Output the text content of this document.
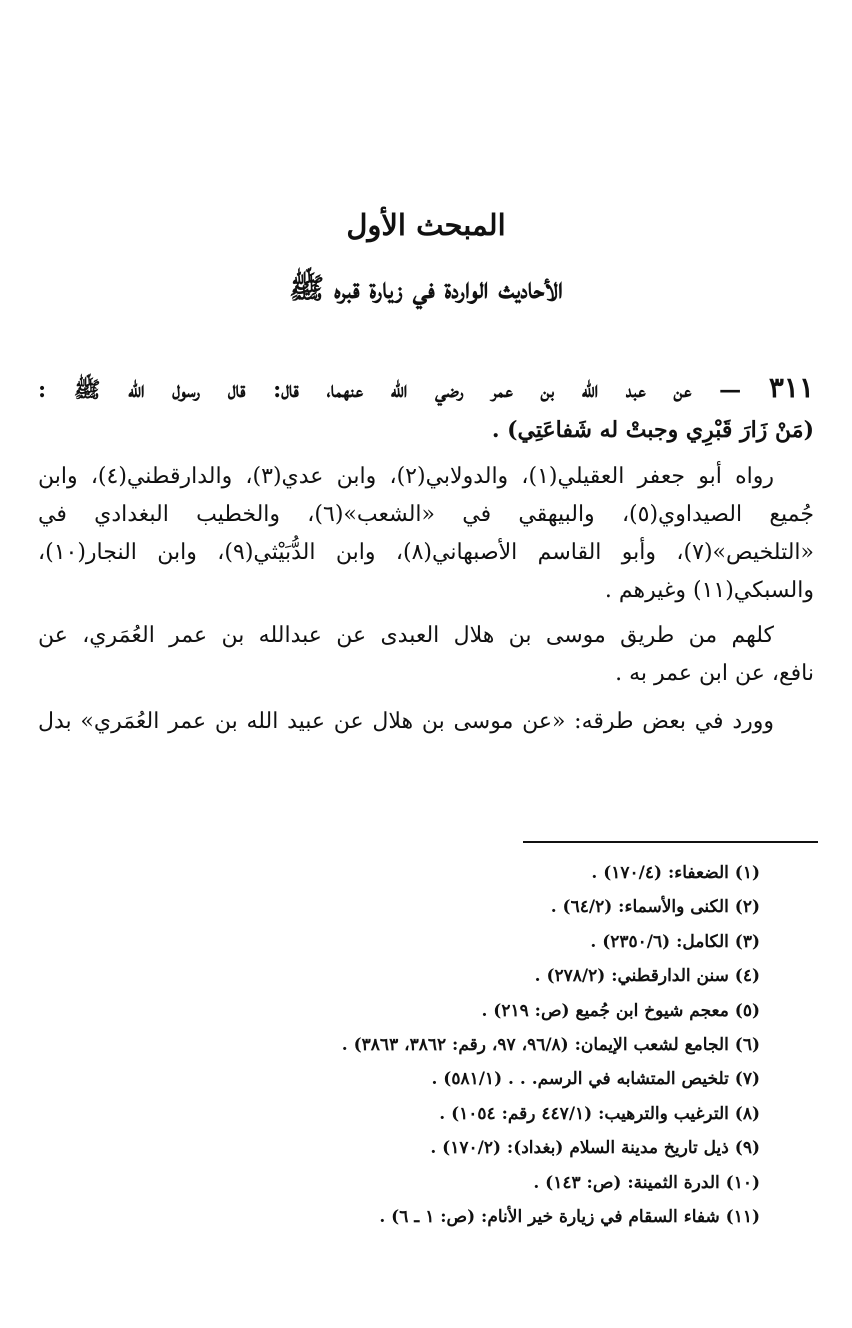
المبحث الأول
الأحاديث الواردة في زيارة قبره ﷺ
٣١١ — عن عبد الله بن عمر رضي الله عنهما، قال: قال رسول الله ﷺ :
(مَنْ زَارَ قَبْرِي وجبتْ له شَفاعَتِي) .
رواه أبو جعفر العقيلي(١)، والدولابي(٢)، وابن عدي(٣)، والدارقطني(٤)، وابن
جُميع الصيداوي(٥)، والبيهقي في «الشعب»(٦)، والخطيب البغدادي في
«التلخيص»(٧)، وأبو القاسم الأصبهاني(٨)، وابن الدُّبَيْثي(٩)، وابن النجار(١٠)،
والسبكي(١١) وغيرهم .
كلهم من طريق موسى بن هلال العبدى عن عبدالله بن عمر العُمَري، عن
نافع، عن ابن عمر به .
وورد في بعض طرقه: «عن موسى بن هلال عن عبيد الله بن عمر العُمَري» بدل
(١) الضعفاء: (١٧٠/٤) .
(٢) الكنى والأسماء: (٦٤/٢) .
(٣) الكامل: (٢٣٥٠/٦) .
(٤) سنن الدارقطني: (٢٧٨/٢) .
(٥) معجم شيوخ ابن جُميع (ص: ٢١٩) .
(٦) الجامع لشعب الإيمان: (٩٦/٨، ٩٧، رقم: ٣٨٦٢، ٣٨٦٣) .
(٧) تلخيص المتشابه في الرسم. . . (٥٨١/١) .
(٨) الترغيب والترهيب: (٤٤٧/١ رقم: ١٠٥٤) .
(٩) ذيل تاريخ مدينة السلام (بغداد): (١٧٠/٢) .
(١٠) الدرة الثمينة: (ص: ١٤٣) .
(١١) شفاء السقام في زيارة خير الأنام: (ص: ١ ـ ٦) .
